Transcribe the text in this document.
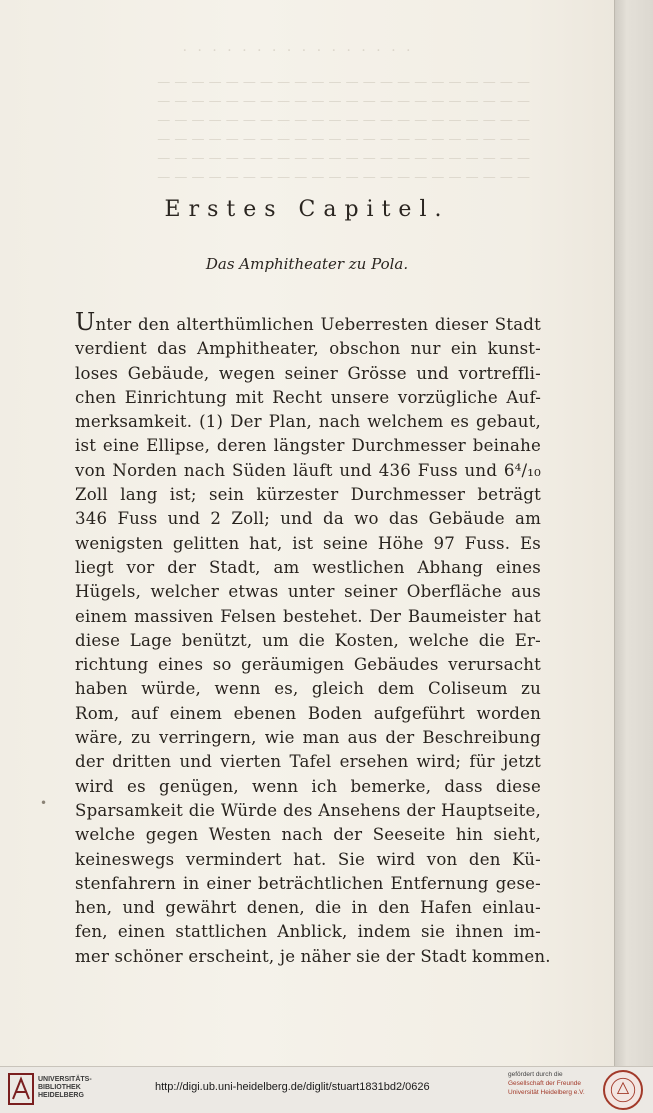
· · · · · · · · · · · · · · · ·
— — — — — — — — — — — — — — — — — — — — — —
— — — — — — — — — — — — — — — — — — — — — —
— — — — — — — — — — — — — — — — — — — — — —
— — — — — — — — — — — — — — — — — — — — — —
— — — — — — — — — — — — — — — — — — — — — —
— — — — — — — — — — — — — — — — — — — — — —
Erstes Capitel.
Das Amphitheater zu Pola.
Unter den alterthümlichen Ueberresten dieser Stadt
verdient das Amphitheater, obschon nur ein kunst-
loses Gebäude, wegen seiner Grösse und vortreffli-
chen Einrichtung mit Recht unsere vorzügliche Auf-
merksamkeit. (1) Der Plan, nach welchem es gebaut,
ist eine Ellipse, deren längster Durchmesser beinahe
von Norden nach Süden läuft und 436 Fuss und 6⁴/₁₀
Zoll lang ist; sein kürzester Durchmesser beträgt
346 Fuss und 2 Zoll; und da wo das Gebäude am
wenigsten gelitten hat, ist seine Höhe 97 Fuss. Es
liegt vor der Stadt, am westlichen Abhang eines
Hügels, welcher etwas unter seiner Oberfläche aus
einem massiven Felsen bestehet. Der Baumeister hat
diese Lage benützt, um die Kosten, welche die Er-
richtung eines so geräumigen Gebäudes verursacht
haben würde, wenn es, gleich dem Coliseum zu
Rom, auf einem ebenen Boden aufgeführt worden
wäre, zu verringern, wie man aus der Beschreibung
der dritten und vierten Tafel ersehen wird; für jetzt
wird es genügen, wenn ich bemerke, dass diese
Sparsamkeit die Würde des Ansehens der Hauptseite,
welche gegen Westen nach der Seeseite hin sieht,
keineswegs vermindert hat. Sie wird von den Kü-
stenfahrern in einer beträchtlichen Entfernung gese-
hen, und gewährt denen, die in den Hafen einlau-
fen, einen stattlichen Anblick, indem sie ihnen im-
mer schöner erscheint, je näher sie der Stadt kommen.
•
UNIVERSITÄTS-
BIBLIOTHEK
HEIDELBERG
http://digi.ub.uni-heidelberg.de/diglit/stuart1831bd2/0626
gefördert durch die
Gesellschaft der Freunde
Universität Heidelberg e.V.
